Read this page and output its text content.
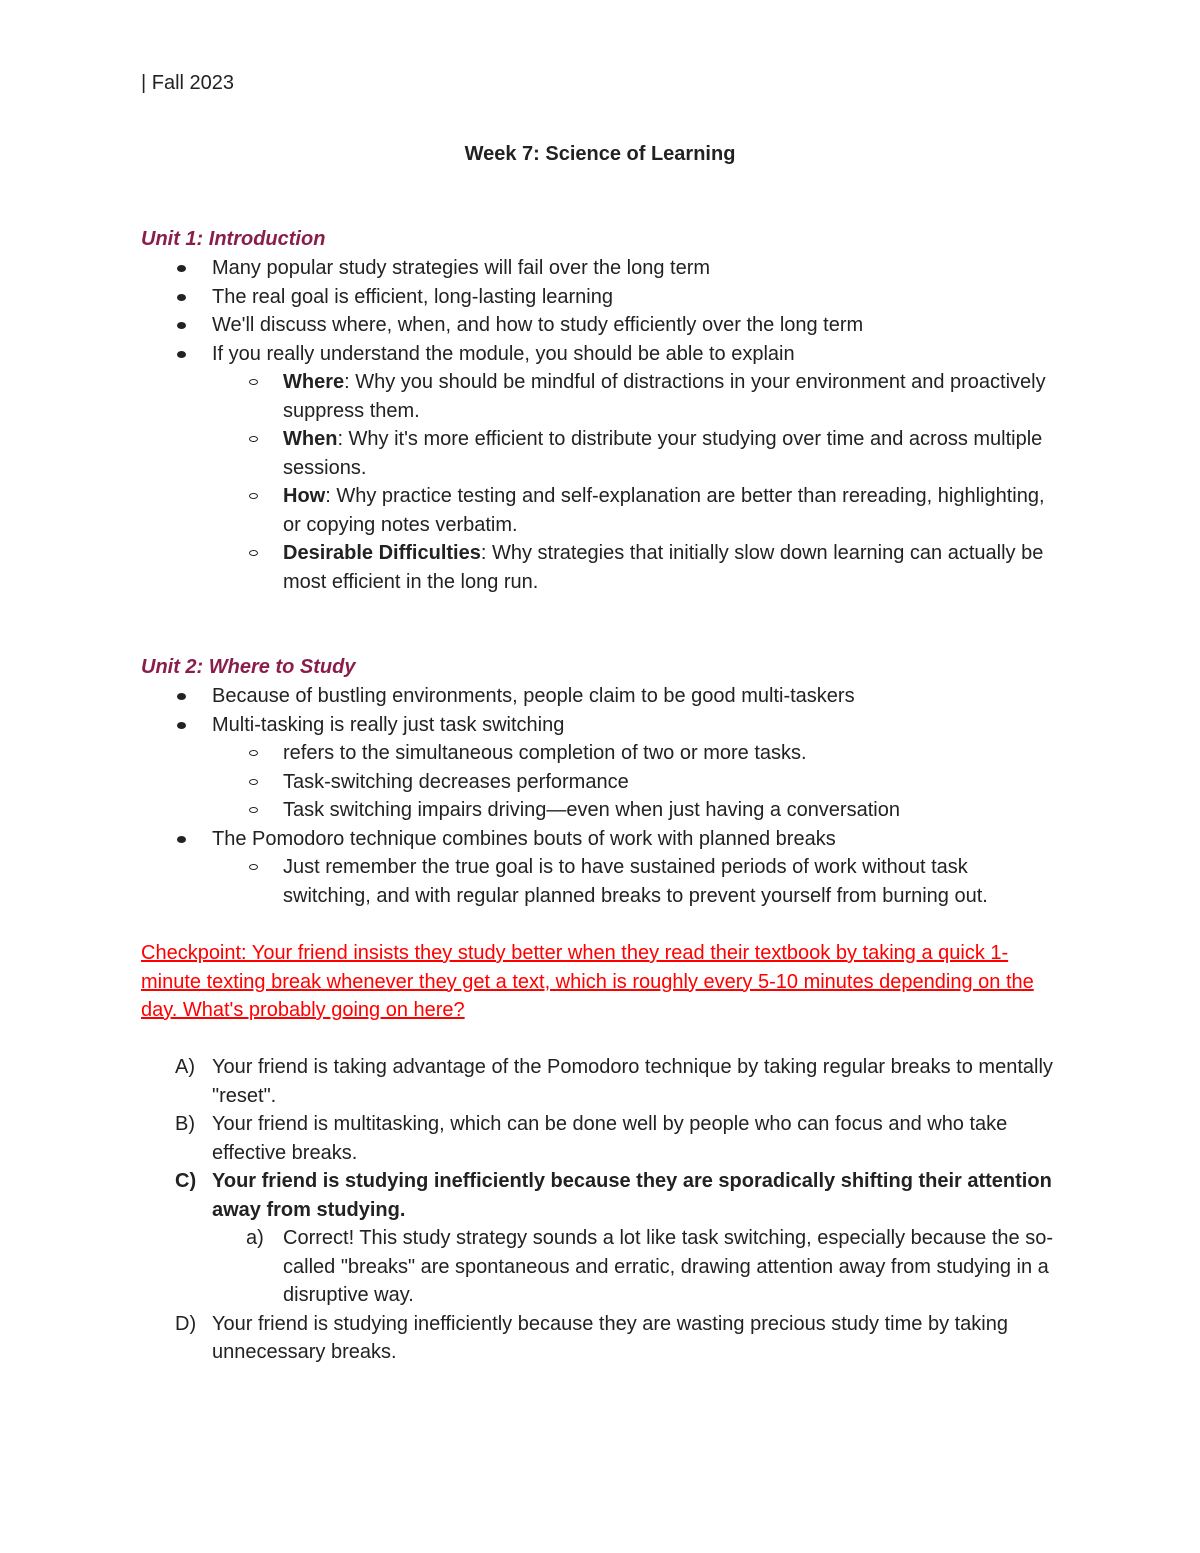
| Fall 2023
Week 7: Science of Learning
Unit 1: Introduction
Many popular study strategies will fail over the long term
The real goal is efficient, long-lasting learning
We'll discuss where, when, and how to study efficiently over the long term
If you really understand the module, you should be able to explain
Where: Why you should be mindful of distractions in your environment and proactively suppress them.
When: Why it's more efficient to distribute your studying over time and across multiple sessions.
How: Why practice testing and self-explanation are better than rereading, highlighting, or copying notes verbatim.
Desirable Difficulties: Why strategies that initially slow down learning can actually be most efficient in the long run.
Unit 2: Where to Study
Because of bustling environments, people claim to be good multi-taskers
Multi-tasking is really just task switching
refers to the simultaneous completion of two or more tasks.
Task-switching decreases performance
Task switching impairs driving—even when just having a conversation
The Pomodoro technique combines bouts of work with planned breaks
Just remember the true goal is to have sustained periods of work without task switching, and with regular planned breaks to prevent yourself from burning out.
Checkpoint: Your friend insists they study better when they read their textbook by taking a quick 1-minute texting break whenever they get a text, which is roughly every 5-10 minutes depending on the day. What's probably going on here?
A) Your friend is taking advantage of the Pomodoro technique by taking regular breaks to mentally "reset".
B) Your friend is multitasking, which can be done well by people who can focus and who take effective breaks.
C) Your friend is studying inefficiently because they are sporadically shifting their attention away from studying.
a) Correct! This study strategy sounds a lot like task switching, especially because the so-called "breaks" are spontaneous and erratic, drawing attention away from studying in a disruptive way.
D) Your friend is studying inefficiently because they are wasting precious study time by taking unnecessary breaks.
